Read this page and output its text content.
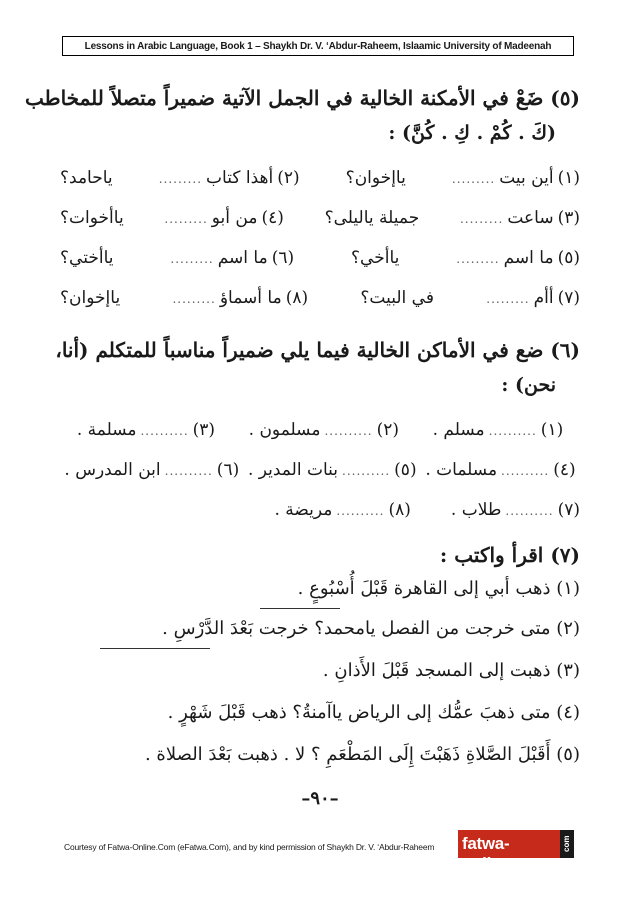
Lessons in Arabic Language, Book 1 – Shaykh Dr. V. ‘Abdur-Raheem, Islaamic University of Madeenah
(٥) ضَعْ في الأمكنة الخالية في الجمل الآتية ضميراً متصلاً للمخاطب
(كَ . كُمْ . كِ . كُنَّ) :
(١)
أين بيت
.........
ياإخوان؟
(٢)
أهذا كتاب
.........
ياحامد؟
(٣)
ساعت
.........
جميلة ياليلى؟
(٤)
من أبو
.........
ياأخوات؟
(٥)
ما اسم
.........
ياأخي؟
(٦)
ما اسم
.........
ياأختي؟
(٧)
أأم
.........
في البيت؟
(٨)
ما أسماؤ
.........
ياإخوان؟
(٦) ضع في الأماكن الخالية فيما يلي ضميراً مناسباً للمتكلم (أنا،
نحن) :
(١)
..........
مسلم .
(٢)
..........
مسلمون .
(٣)
..........
مسلمة .
(٤)
..........
مسلمات .
(٥)
..........
بنات المدير .
(٦)
..........
ابن المدرس .
(٧)
..........
طلاب .
(٨)
..........
مريضة .
(٧) اقرأ واكتب :
(١) ذهب أبي إلى القاهرة قَبْلَ أُسْبُوعٍ .
(٢) متى خرجت من الفصل يامحمد؟ خرجت بَعْدَ الدَّرْسِ .
(٣) ذهبت إلى المسجد قَبْلَ الأَذانِ .
(٤) متى ذهبَ عمُّك إلى الرياض ياآمنةُ؟ ذهب قَبْلَ شَهْرٍ .
(٥) أَقَبْلَ الصَّلاةِ ذَهَبْتَ إِلَى المَطْعَمِ ؟ لا . ذهبت بَعْدَ الصلاة .
–٩٠–
Courtesy of Fatwa-Online.Com (eFatwa.Com), and by kind permission of Shaykh Dr. V. ‘Abdur-Raheem fatwa-online
com
